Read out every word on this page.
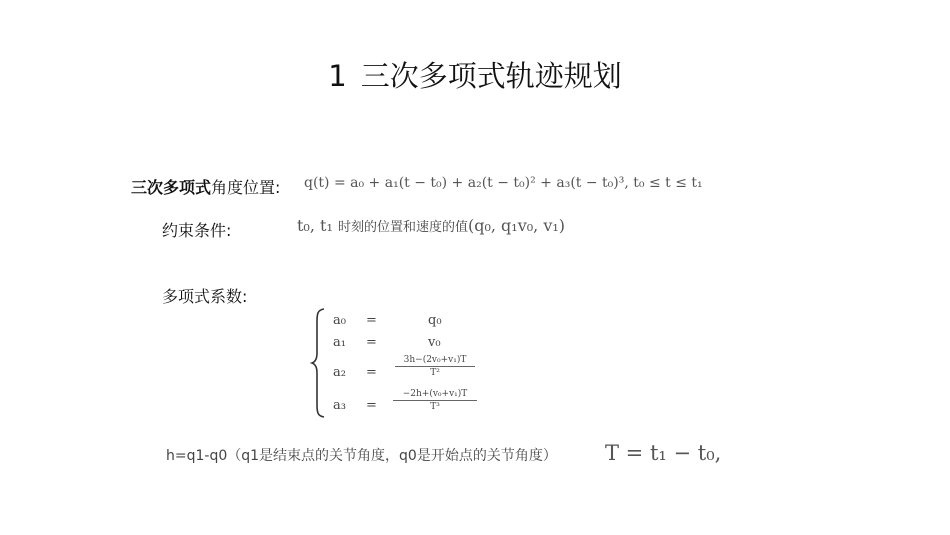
1 三次多项式轨迹规划
三次多项式角度位置: q(t) = a₀ + a₁(t − t₀) + a₂(t − t₀)² + a₃(t − t₀)³, t₀ ≤ t ≤ t₁
约束条件:	t₀, t₁ 时刻的位置和速度的值(q₀, q₁v₀, v₁)
多项式系数:
a₀ =	q₀
a₁ =	v₀
$a_2 = \frac{\text{3h−(2v₀+v₁)T}}{\text{T²}}$
$a_3 = \frac{\text{−2h+(v₀+v₁)T}}{\text{T³}}$
h=q1-q0（q1是结束点的关节角度，q0是开始点的关节角度） T = t₁ − t₀,
